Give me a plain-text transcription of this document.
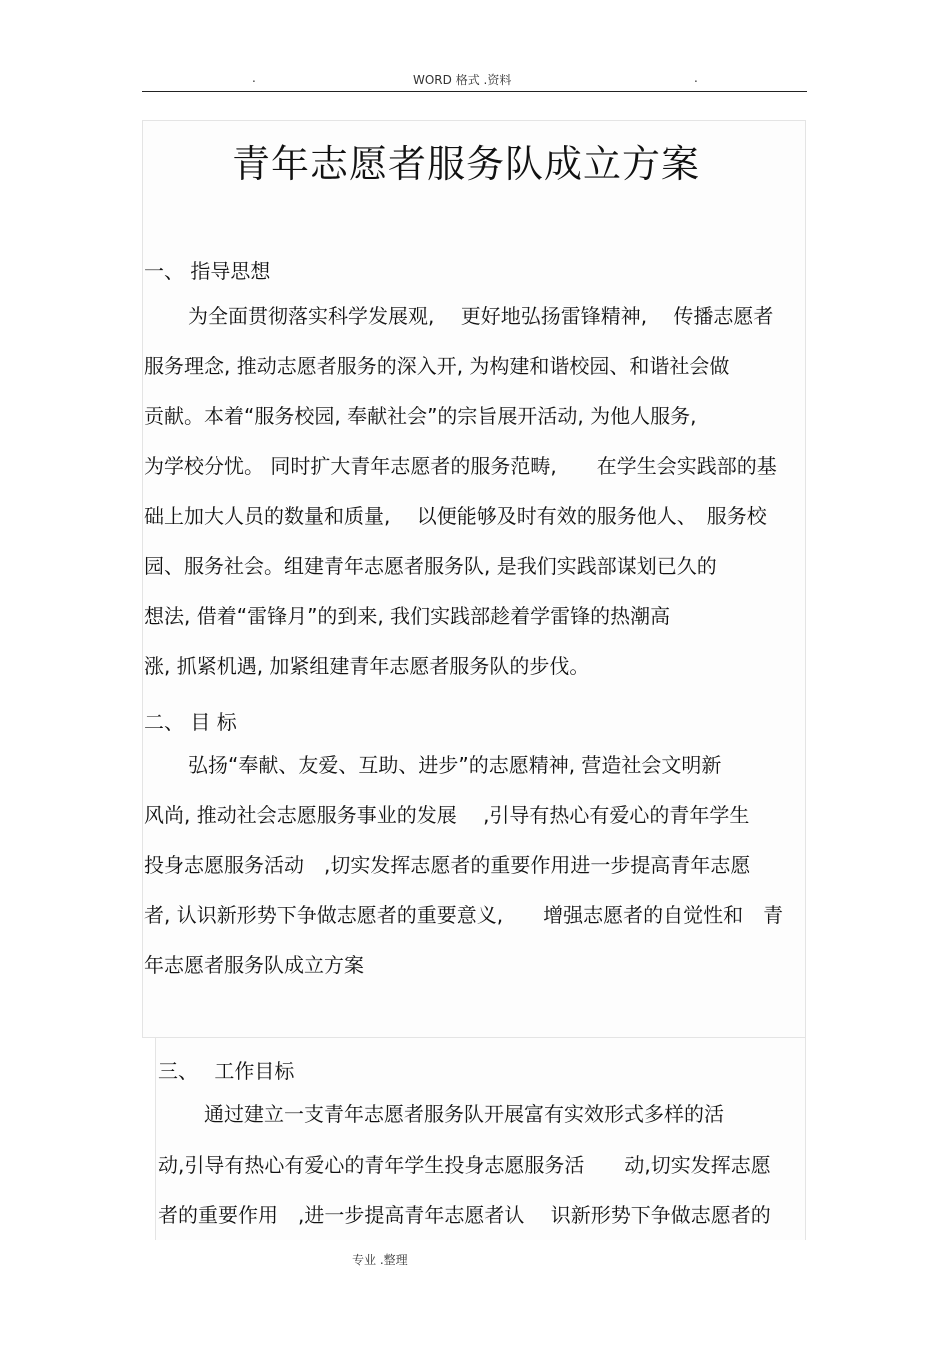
.	WORD 格式 .资料	.
青年志愿者服务队成立方案
一、 指导思想
为全面贯彻落实科学发展观,　 更好地弘扬雷锋精神,　 传播志愿者
服务理念, 推动志愿者服务的深入开, 为构建和谐校园、和谐社会做
贡献。本着“服务校园, 奉献社会”的宗旨展开活动, 为他人服务,
为学校分忧。 同时扩大青年志愿者的服务范畴,　　在学生会实践部的基
础上加大人员的数量和质量,　 以便能够及时有效的服务他人、　服务校
园、服务社会。组建青年志愿者服务队, 是我们实践部谋划已久的
想法, 借着“雷锋月”的到来, 我们实践部趁着学雷锋的热潮高
涨, 抓紧机遇, 加紧组建青年志愿者服务队的步伐。
二、 目 标
弘扬“奉献、友爱、互助、进步”的志愿精神, 营造社会文明新
风尚, 推动社会志愿服务事业的发展　 ,引导有热心有爱心的青年学生
投身志愿服务活动　,切实发挥志愿者的重要作用进一步提高青年志愿
者, 认识新形势下争做志愿者的重要意义,　　增强志愿者的自觉性和　青
年志愿者服务队成立方案
三、　 工作目标
通过建立一支青年志愿者服务队开展富有实效形式多样的活
动,引导有热心有爱心的青年学生投身志愿服务活　　动,切实发挥志愿
者的重要作用　,进一步提高青年志愿者认　 识新形势下争做志愿者的
专业 .整理
